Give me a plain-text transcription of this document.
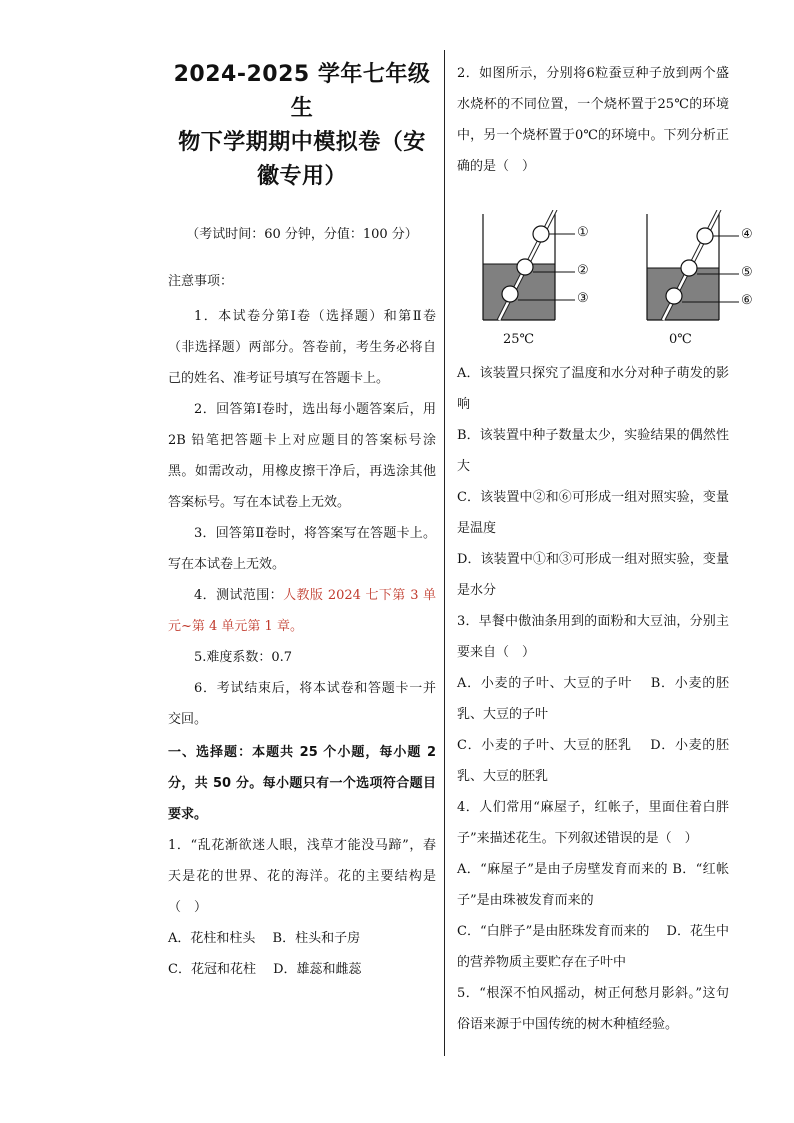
2024-2025 学年七年级生
物下学期期中模拟卷（安
徽专用）
（考试时间：60 分钟，分值：100 分）

注意事项：

1．本试卷分第Ⅰ卷（选择题）和第Ⅱ卷（非选择题）两部分。答卷前，考生务必将自己的姓名、准考证号填写在答题卡上。

2．回答第Ⅰ卷时，选出每小题答案后，用 2B 铅笔把答题卡上对应题目的答案标号涂黑。如需改动，用橡皮擦干净后，再选涂其他答案标号。写在本试卷上无效。

3．回答第Ⅱ卷时，将答案写在答题卡上。写在本试卷上无效。

4．测试范围：人教版 2024 七下第 3 单元~第 4 单元第 1 章。

5.难度系数：0.7

6．考试结束后，将本试卷和答题卡一并交回。

一、选择题：本题共 25 个小题，每小题 2 分，共 50 分。每小题只有一个选项符合题目要求。

1．“乱花渐欲迷人眼，浅草才能没马蹄”，春天是花的世界、花的海洋。花的主要结构是（　）

A．花柱和柱头　 B．柱头和子房

C．花冠和花柱　 D．雄蕊和雌蕊

2．如图所示，分别将6粒蚕豆种子放到两个盛水烧杯的不同位置，一个烧杯置于25℃的环境中，另一个烧杯置于0℃的环境中。下列分析正确的是（　）

①
②
③
④
⑤
⑥
25℃	0℃

A．该装置只探究了温度和水分对种子萌发的影响

B．该装置中种子数量太少，实验结果的偶然性大

C．该装置中②和⑥可形成一组对照实验，变量是温度

D．该装置中①和③可形成一组对照实验，变量是水分

3．早餐中傲油条用到的面粉和大豆油，分别主要来自（　）

A．小麦的子叶、大豆的子叶　 B．小麦的胚乳、大豆的子叶

C．小麦的子叶、大豆的胚乳　 D．小麦的胚乳、大豆的胚乳

4．人们常用“麻屋子，红帐子，里面住着白胖子”来描述花生。下列叙述错误的是（　）

A．“麻屋子”是由子房壁发育而来的 B．“红帐子”是由珠被发育而来的

C．“白胖子”是由胚珠发育而来的　 D．花生中的营养物质主要贮存在子叶中

5．“根深不怕风摇动，树正何愁月影斜。”这句俗语来源于中国传统的树木种植经验。
